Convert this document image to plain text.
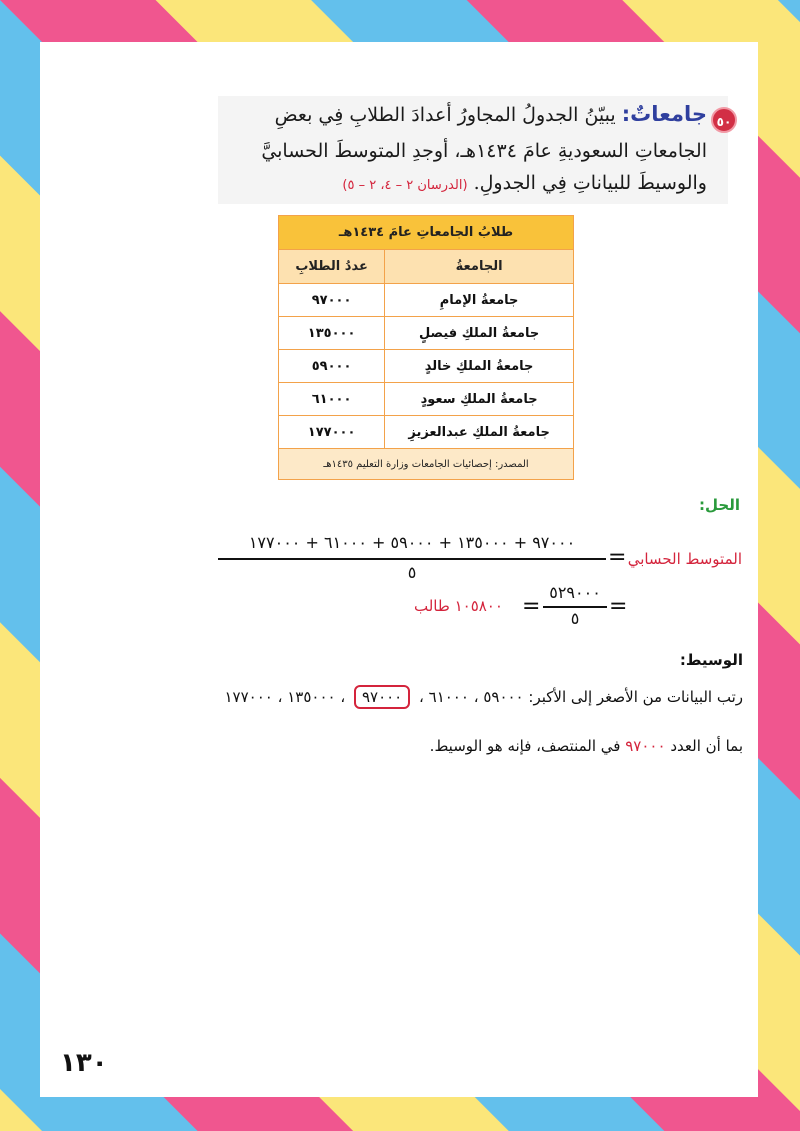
٥٠
جامعاتٌ: يبيّنُ الجدولُ المجاورُ أعدادَ الطلابِ فِي بعضِ
الجامعاتِ السعوديةِ عامَ ١٤٣٤هـ، أوجدِ المتوسطَ الحسابيَّ
والوسيطَ للبياناتِ فِي الجدولِ. (الدرسان ٢ – ٤، ٢ – ٥)
طلابُ الجامعاتِ عامَ ١٤٣٤هـ	
الجامعةُ	عددُ الطلابِ
جامعةُ الإمامِ	٩٧٠٠٠
جامعةُ الملكِ فيصلٍ	١٣٥٠٠٠
جامعةُ الملكِ خالدٍ	٥٩٠٠٠
جامعةُ الملكِ سعودٍ	٦١٠٠٠
جامعةُ الملكِ عبدالعزيزِ	١٧٧٠٠٠
المصدر: إحصائيات الجامعات وزارة التعليم ١٤٣٥هـ	
الحل:
المتوسط الحسابي
=
٩٧٠٠٠ + ١٣٥٠٠٠ + ٥٩٠٠٠ + ٦١٠٠٠ + ١٧٧٠٠٠
٥
=
٥٢٩٠٠٠
٥
=
١٠٥٨٠٠ طالب
الوسيط:
رتب البيانات من الأصغر إلى الأكبر: ٥٩٠٠٠ ، ٦١٠٠٠ ، ٩٧٠٠٠ ، ١٣٥٠٠٠ ، ١٧٧٠٠٠
بما أن العدد ٩٧٠٠٠ في المنتصف، فإنه هو الوسيط.
١٣٠
